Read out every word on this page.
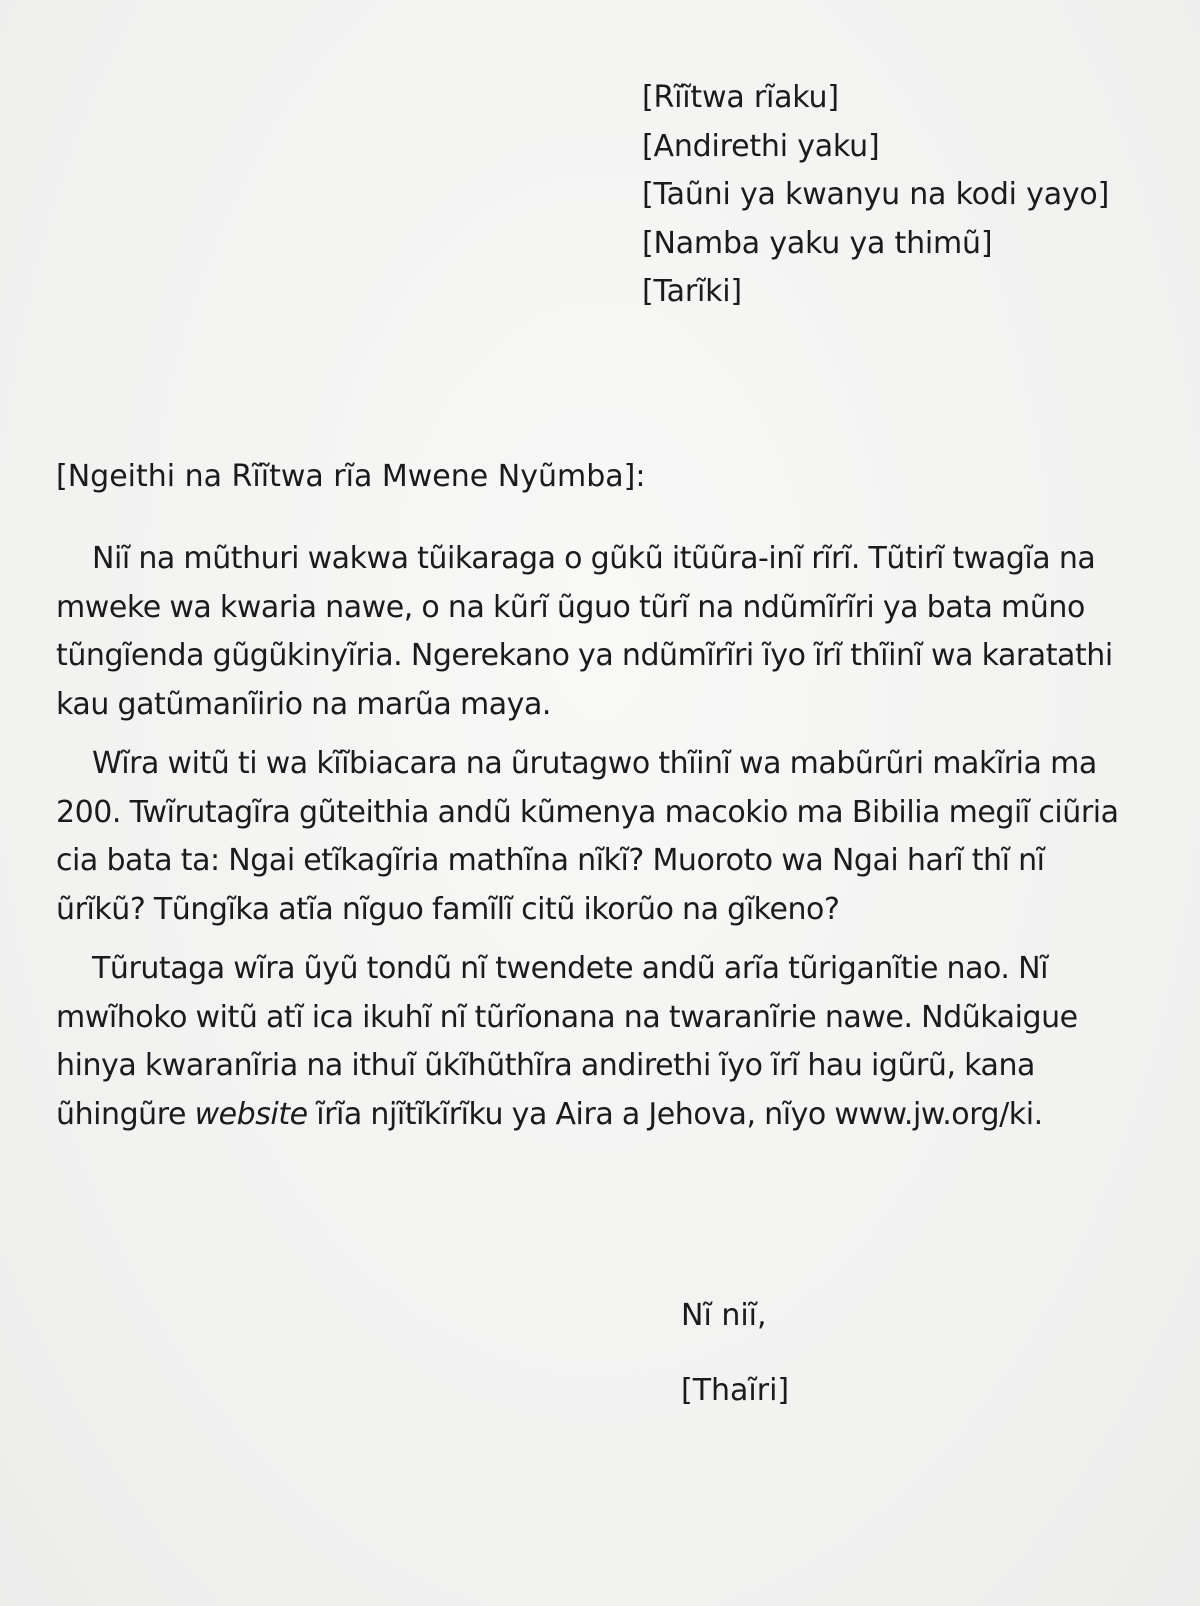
[Rĩĩtwa rĩaku]
[Andirethi yaku]
[Taũni ya kwanyu na kodi yayo]
[Namba yaku ya thimũ]
[Tarĩki]
[Ngeithi na Rĩĩtwa rĩa Mwene Nyũmba]:

Niĩ na mũthuri wakwa tũikaraga o gũkũ itũũra-inĩ rĩrĩ. Tũtirĩ twagĩa na mweke wa kwaria nawe, o na kũrĩ ũguo tũrĩ na ndũmĩrĩri ya bata mũno tũngĩenda gũgũkinyĩria. Ngerekano ya ndũmĩrĩri ĩyo ĩrĩ thĩinĩ wa karatathi kau gatũmanĩirio na marũa maya.

Wĩra witũ ti wa kĩĩbiacara na ũrutagwo thĩinĩ wa mabũrũri makĩria ma 200. Twĩrutagĩra gũteithia andũ kũmenya macokio ma Bibilia megiĩ ciũria cia bata ta: Ngai etĩkagĩria mathĩna nĩkĩ? Muoroto wa Ngai harĩ thĩ nĩ ũrĩkũ? Tũngĩka atĩa nĩguo famĩlĩ citũ ikorũo na gĩkeno?

Tũrutaga wĩra ũyũ tondũ nĩ twendete andũ arĩa tũriganĩtie nao. Nĩ mwĩhoko witũ atĩ ica ikuhĩ nĩ tũrĩonana na twaranĩrie nawe. Ndũkaigue hinya kwaranĩria na ithuĩ ũkĩhũthĩra andirethi ĩyo ĩrĩ hau igũrũ, kana ũhingũre website ĩrĩa njĩtĩkĩrĩku ya Aira a Jehova, nĩyo www.jw.org/ki.

Nĩ niĩ,
[Thaĩri]
